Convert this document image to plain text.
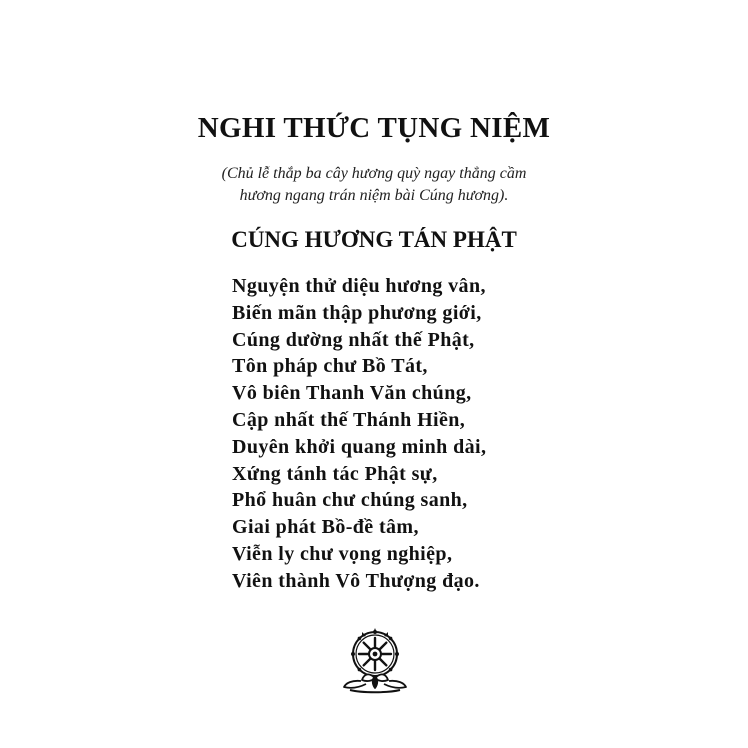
NGHI THỨC TỤNG NIỆM
(Chủ lễ thắp ba cây hương quỳ ngay thẳng cầm
hương ngang trán niệm bài Cúng hương).
CÚNG HƯƠNG TÁN PHẬT
Nguyện thử diệu hương vân,
Biến mãn thập phương giới,
Cúng dường nhất thế Phật,
Tôn pháp chư Bồ Tát,
Vô biên Thanh Văn chúng,
Cập nhất thế Thánh Hiền,
Duyên khởi quang minh dài,
Xứng tánh tác Phật sự,
Phổ huân chư chúng sanh,
Giai phát Bồ-đề tâm,
Viễn ly chư vọng nghiệp,
Viên thành Vô Thượng đạo.
